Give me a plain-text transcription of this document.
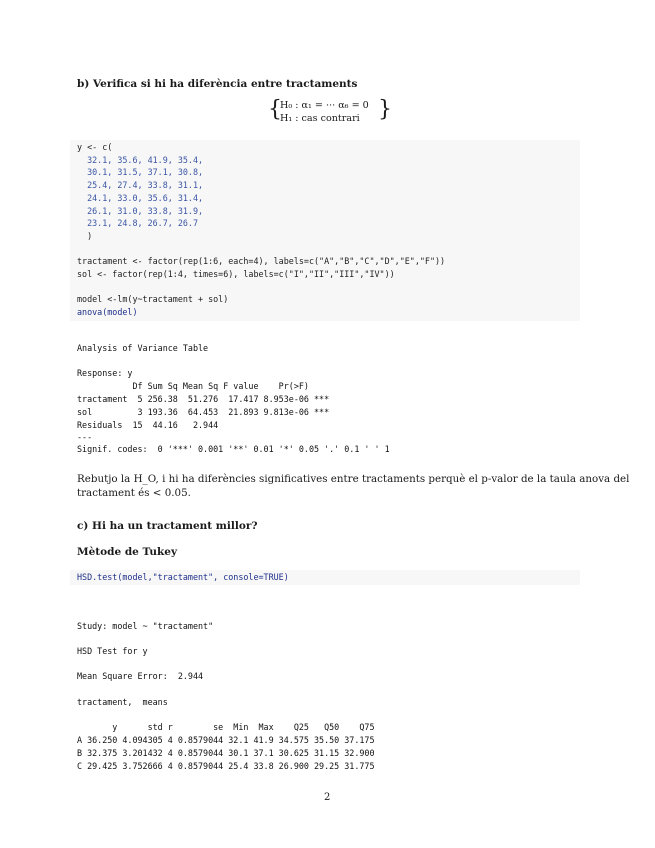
b) Verifica si hi ha diferència entre tractaments
{
H₀ : α₁ = ··· α₆ = 0
H₁ : cas contrari }
y <- c(
32.1, 35.6, 41.9, 35.4,
30.1, 31.5, 37.1, 30.8,
25.4, 27.4, 33.8, 31.1,
24.1, 33.0, 35.6, 31.4,
26.1, 31.0, 33.8, 31.9,
23.1, 24.8, 26.7, 26.7
)
tractament <- factor(rep(1:6, each=4), labels=c("A","B","C","D","E","F"))
sol <- factor(rep(1:4, times=6), labels=c("I","II","III","IV"))
model <-lm(y~tractament + sol)
anova(model)
Analysis of Variance Table
Response: y
Df Sum Sq Mean Sq F value    Pr(>F)
tractament  5 256.38  51.276  17.417 8.953e-06 ***
sol         3 193.36  64.453  21.893 9.813e-06 ***
Residuals  15  44.16   2.944
---
Signif. codes:  0 '***' 0.001 '**' 0.01 '*' 0.05 '.' 0.1 ' ' 1
Rebutjo la H_O, i hi ha diferències significatives entre tractaments perquè el p-valor de la taula anova del
tractament és < 0.05.
c) Hi ha un tractament millor?
Mètode de Tukey
HSD.test(model,"tractament", console=TRUE)
Study: model ~ "tractament"
HSD Test for y
Mean Square Error:  2.944
tractament,  means
y      std r        se  Min  Max    Q25   Q50    Q75
A 36.250 4.094305 4 0.8579044 32.1 41.9 34.575 35.50 37.175
B 32.375 3.201432 4 0.8579044 30.1 37.1 30.625 31.15 32.900
C 29.425 3.752666 4 0.8579044 25.4 33.8 26.900 29.25 31.775
2
